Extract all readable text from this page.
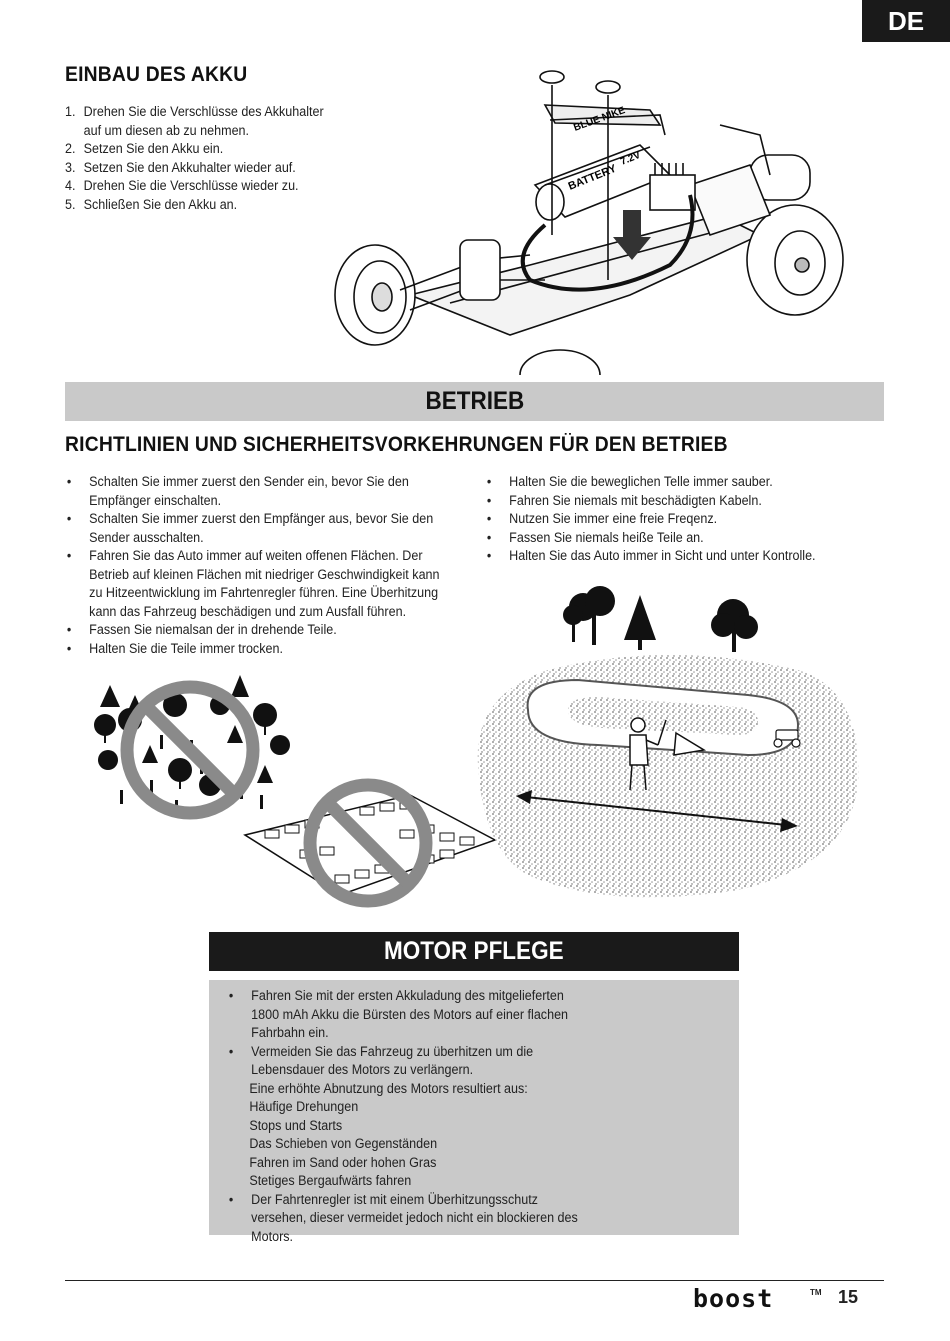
DE
EINBAU DES AKKU
1. Drehen Sie die Verschlüsse des Akkuhalter auf um diesen ab zu nehmen.
2. Setzen Sie den Akku ein.
3. Setzen Sie den Akkuhalter wieder auf.
4. Drehen Sie die Verschlüsse wieder zu.
5. Schließen Sie den Akku an.
BLUE NIKE
BATTERY
7.2V
BETRIEB
RICHTLINIEN UND SICHERHEITSVORKEHRUNGEN FÜR DEN BETRIEB
•	Schalten Sie immer zuerst den Sender ein, bevor Sie den Empfänger einschalten.
•	Schalten Sie immer zuerst den Empfänger aus, bevor Sie den Sender ausschalten.
•	Fahren Sie das Auto immer auf weiten offenen Flächen. Der Betrieb auf kleinen Flächen mit niedriger Geschwindigkeit kann zu Hitzeentwicklung im Fahrtenregler führen. Eine Überhitzung kann das Fahrzeug beschädigen und zum Ausfall führen.
•	Fassen Sie niemalsan der in drehende Teile.
•	Halten Sie die Teile immer trocken.
•	Halten Sie die beweglichen Telle immer sauber.
•	Fahren Sie niemals mit beschädigten Kabeln.
•	Nutzen Sie immer eine freie Freqenz.
•	Fassen Sie niemals heiße Teile an.
•	Halten Sie das Auto immer in Sicht und unter Kontrolle.
MOTOR PFLEGE
•	Fahren Sie mit der ersten Akkuladung des mitgelieferten 1800 mAh Akku die Bürsten des Motors auf einer flachen Fahrbahn ein.
•	Vermeiden Sie das Fahrzeug zu überhitzen um die Lebensdauer des Motors zu verlängern.
Eine erhöhte Abnutzung des Motors resultiert aus:
Häufige Drehungen
Stops und Starts
Das Schieben von Gegenständen
Fahren im Sand oder hohen Gras
Stetiges Bergaufwärts fahren
•	Der Fahrtenregler ist mit einem Überhitzungsschutz versehen, dieser vermeidet jedoch nicht ein blockieren des Motors.
boost	TM 15
